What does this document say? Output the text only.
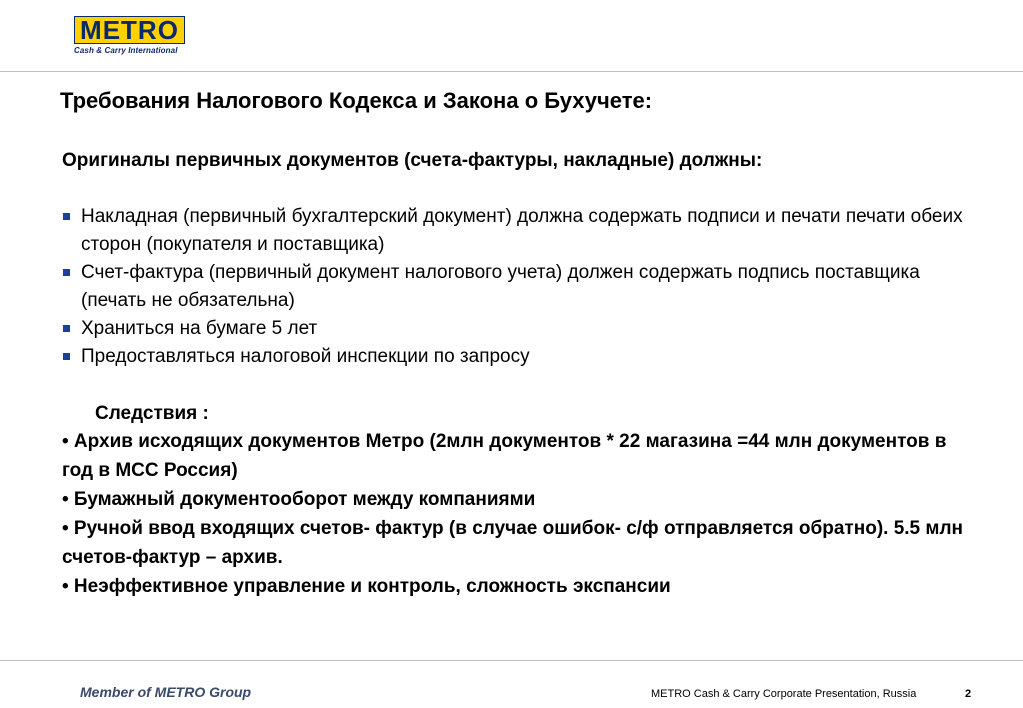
METRO
Cash & Carry International
Требования Налогового Кодекса и Закона о Бухучете:
Оригиналы первичных документов (счета-фактуры, накладные) должны:
Накладная (первичный бухгалтерский документ) должна содержать подписи и печати печати обеих сторон (покупателя и поставщика)
Счет-фактура (первичный документ налогового учета) должен содержать подпись поставщика (печать не обязательна)
Храниться на бумаге 5 лет
Предоставляться налоговой инспекции по запросу
Следствия :

• Архив исходящих документов Метро (2млн документов * 22 магазина =44 млн документов в год в МСС Россия)

• Бумажный документооборот между компаниями

• Ручной ввод входящих счетов- фактур (в случае ошибок- с/ф отправляется обратно). 5.5 млн счетов-фактур – архив.

• Неэффективное управление и контроль, сложность экспансии

Member of METRO Group	METRO Cash & Carry Corporate Presentation, Russia	2
